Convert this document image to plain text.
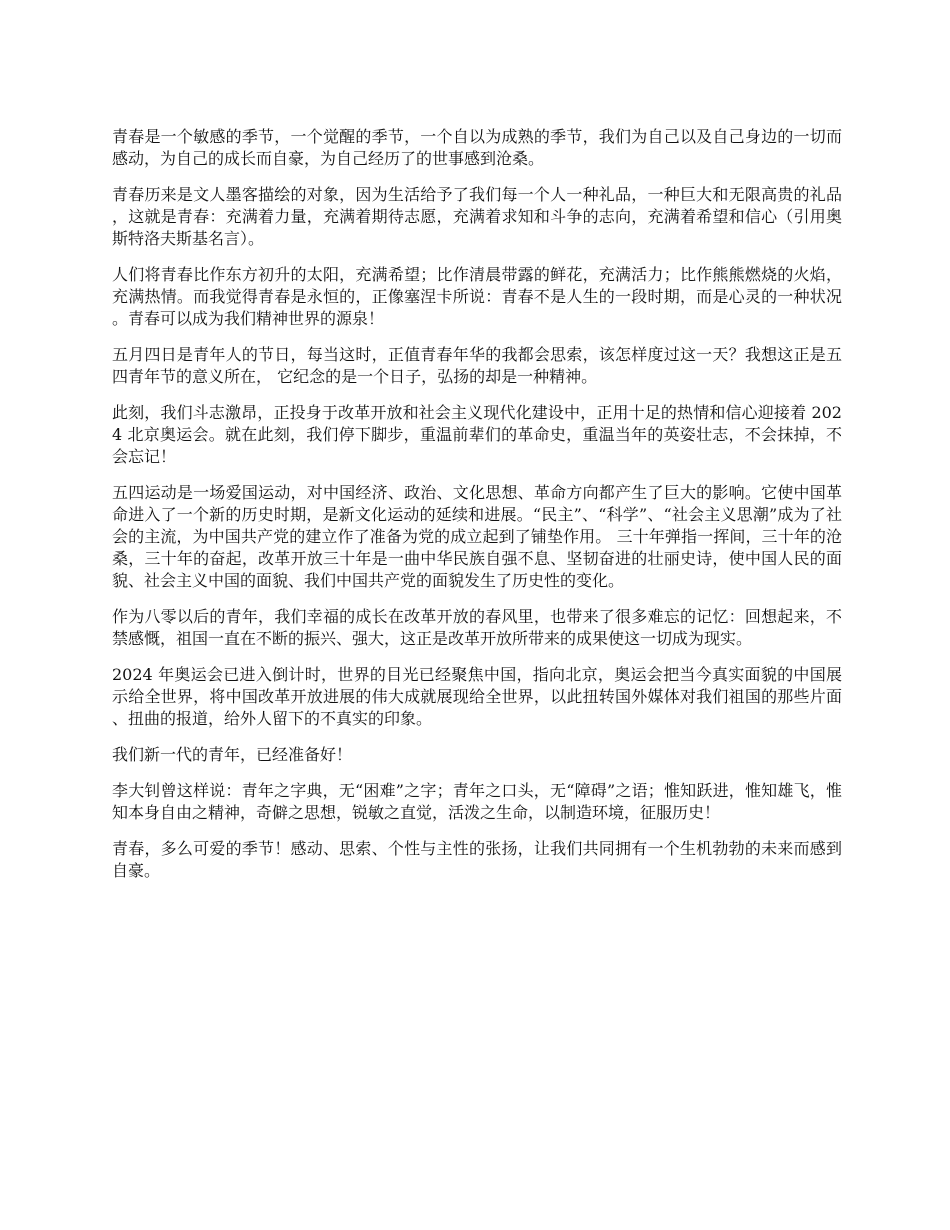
青春是一个敏感的季节，一个觉醒的季节，一个自以为成熟的季节，我们为自己以及自己身边的一切而感动，为自己的成长而自豪，为自己经历了的世事感到沧桑。

青春历来是文人墨客描绘的对象，因为生活给予了我们每一个人一种礼品，一种巨大和无限高贵的礼品，这就是青春：充满着力量，充满着期待志愿，充满着求知和斗争的志向，充满着希望和信心（引用奥斯特洛夫斯基名言）。

人们将青春比作东方初升的太阳，充满希望；比作清晨带露的鲜花，充满活力；比作熊熊燃烧的火焰，充满热情。而我觉得青春是永恒的，正像塞涅卡所说：青春不是人生的一段时期，而是心灵的一种状况。青春可以成为我们精神世界的源泉！

五月四日是青年人的节日，每当这时，正值青春年华的我都会思索，该怎样度过这一天？我想这正是五四青年节的意义所在， 它纪念的是一个日子，弘扬的却是一种精神。

此刻，我们斗志激昂，正投身于改革开放和社会主义现代化建设中，正用十足的热情和信心迎接着 2024 北京奥运会。就在此刻，我们停下脚步，重温前辈们的革命史，重温当年的英姿壮志，不会抹掉，不会忘记！

五四运动是一场爱国运动，对中国经济、政治、文化思想、革命方向都产生了巨大的影响。它使中国革命进入了一个新的历史时期，是新文化运动的延续和进展。“民主”、“科学”、“社会主义思潮”成为了社会的主流，为中国共产党的建立作了准备为党的成立起到了铺垫作用。 三十年弹指一挥间，三十年的沧桑，三十年的奋起，改革开放三十年是一曲中华民族自强不息、坚韧奋进的壮丽史诗，使中国人民的面貌、社会主义中国的面貌、我们中国共产党的面貌发生了历史性的变化。

作为八零以后的青年，我们幸福的成长在改革开放的春风里，也带来了很多难忘的记忆：回想起来，不禁感慨，祖国一直在不断的振兴、强大，这正是改革开放所带来的成果使这一切成为现实。

2024 年奥运会已进入倒计时，世界的目光已经聚焦中国，指向北京，奥运会把当今真实面貌的中国展示给全世界，将中国改革开放进展的伟大成就展现给全世界，以此扭转国外媒体对我们祖国的那些片面、扭曲的报道，给外人留下的不真实的印象。

我们新一代的青年，已经准备好！

李大钊曾这样说：青年之字典，无“困难”之字；青年之口头，无“障碍”之语；惟知跃进，惟知雄飞，惟知本身自由之精神，奇僻之思想，锐敏之直觉，活泼之生命，以制造环境，征服历史！

青春，多么可爱的季节！感动、思索、个性与主性的张扬，让我们共同拥有一个生机勃勃的未来而感到自豪。
